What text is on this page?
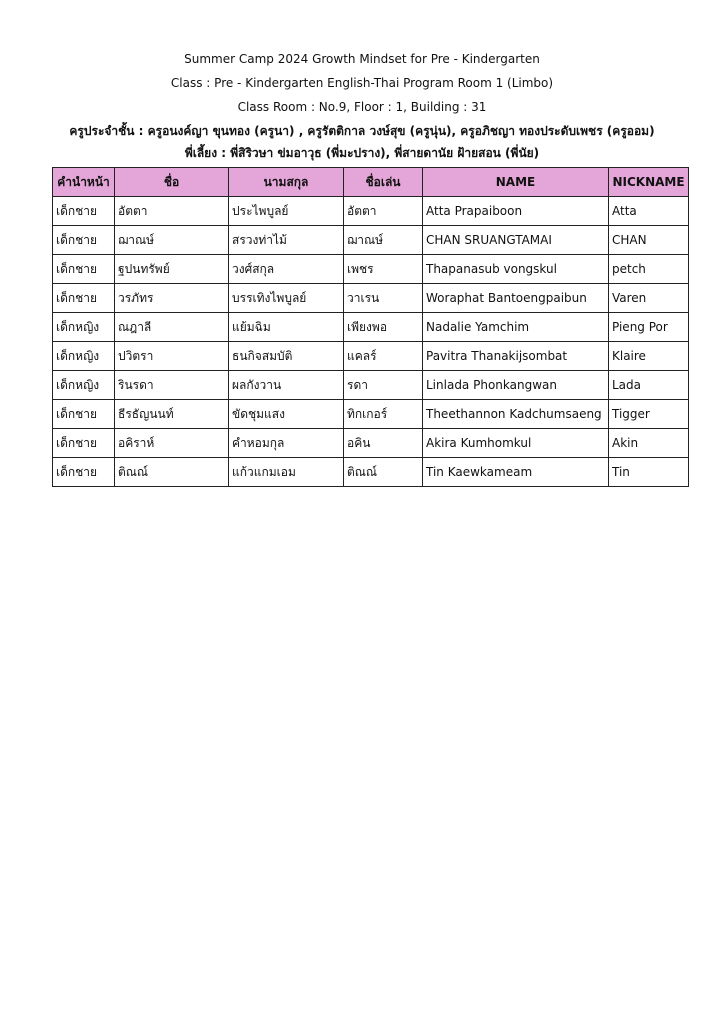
Summer Camp 2024 Growth Mindset for Pre - Kindergarten
Class : Pre - Kindergarten English-Thai Program Room 1 (Limbo)
Class Room : No.9, Floor : 1, Building : 31
ครูประจำชั้น : ครูอนงค์ญา ขุนทอง (ครูนา) , ครูรัตติกาล วงษ์สุข (ครูนุ่น), ครูอภิชญา ทองประดับเพชร (ครูออม)
พี่เลี้ยง : พี่สิริวษา ข่มอาวุธ (พี่มะปราง), พี่สายดานัย ฝ้ายสอน (พี่นัย)
คำนำหน้า	ชื่อ	นามสกุล	ชื่อเล่น	NAME	NICKNAME
เด็กชาย	อัตตา	ประไพบูลย์	อัตตา	Atta Prapaiboon	Atta
เด็กชาย	ฌาณษ์	สรวงท่าไม้	ฌาณษ์	CHAN SRUANGTAMAI	CHAN
เด็กชาย	ฐปนทรัพย์	วงศ์สกุล	เพชร	Thapanasub vongskul	petch
เด็กชาย	วรภัทร	บรรเทิงไพบูลย์	วาเรน	Woraphat Bantoengpaibun	Varen
เด็กหญิง	ณฎาลี	แย้มฉิม	เพียงพอ	Nadalie Yamchim	Pieng Por
เด็กหญิง	ปวิตรา	ธนกิจสมบัติ	แคลร์	Pavitra Thanakijsombat	Klaire
เด็กหญิง	รินรดา	ผลกังวาน	รดา	Linlada Phonkangwan	Lada
เด็กชาย	ธีรธัญนนท์	ขัดชุมแสง	ทิกเกอร์	Theethannon Kadchumsaeng	Tigger
เด็กชาย	อคิราห์	คำหอมกุล	อคิน	Akira Kumhomkul	Akin
เด็กชาย	ติณณ์	แก้วแกมเอม	ติณณ์	Tin Kaewkameam	Tin
